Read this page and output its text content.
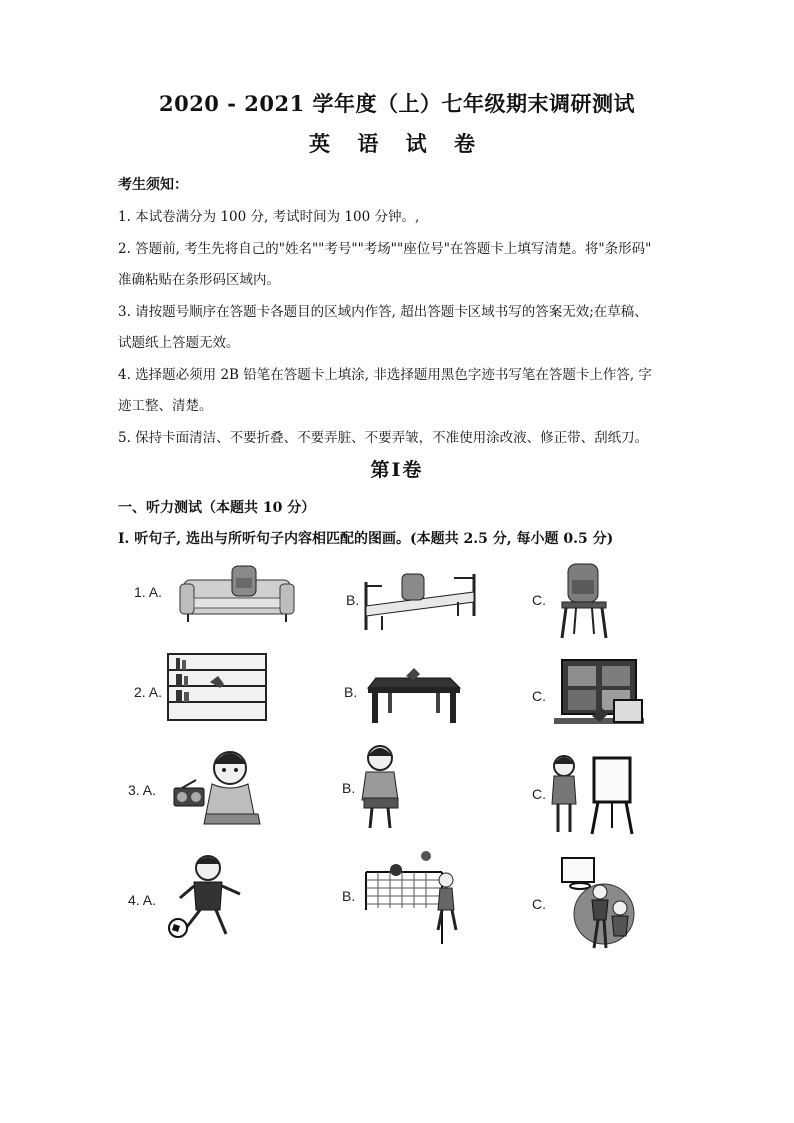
2020 - 2021 学年度（上）七年级期末调研测试
英 语 试 卷
考生须知：
1. 本试卷满分为 100 分, 考试时间为 100 分钟。,
2. 答题前, 考生先将自己的"姓名""考号""考场""座位号"在答题卡上填写清楚。将"条形码"
准确粘贴在条形码区域内。
3. 请按题号顺序在答题卡各题目的区域内作答, 超出答题卡区域书写的答案无效;在草稿、
试题纸上答题无效。
4. 选择题必须用 2B 铅笔在答题卡上填涂, 非选择题用黑色字迹书写笔在答题卡上作答, 字
迹工整、清楚。
5. 保持卡面清洁、不要折叠、不要弄脏、不要弄皱，不准使用涂改液、修正带、刮纸刀。
第Ⅰ卷
一、听力测试（本题共 10 分）
I. 听句子, 选出与所听句子内容相匹配的图画。(本题共 2.5 分, 每小题 0.5 分)
1. A.	B.	C.
2. A.	B.	C.
3. A.	B.	C.
4. A.	B.	C.
